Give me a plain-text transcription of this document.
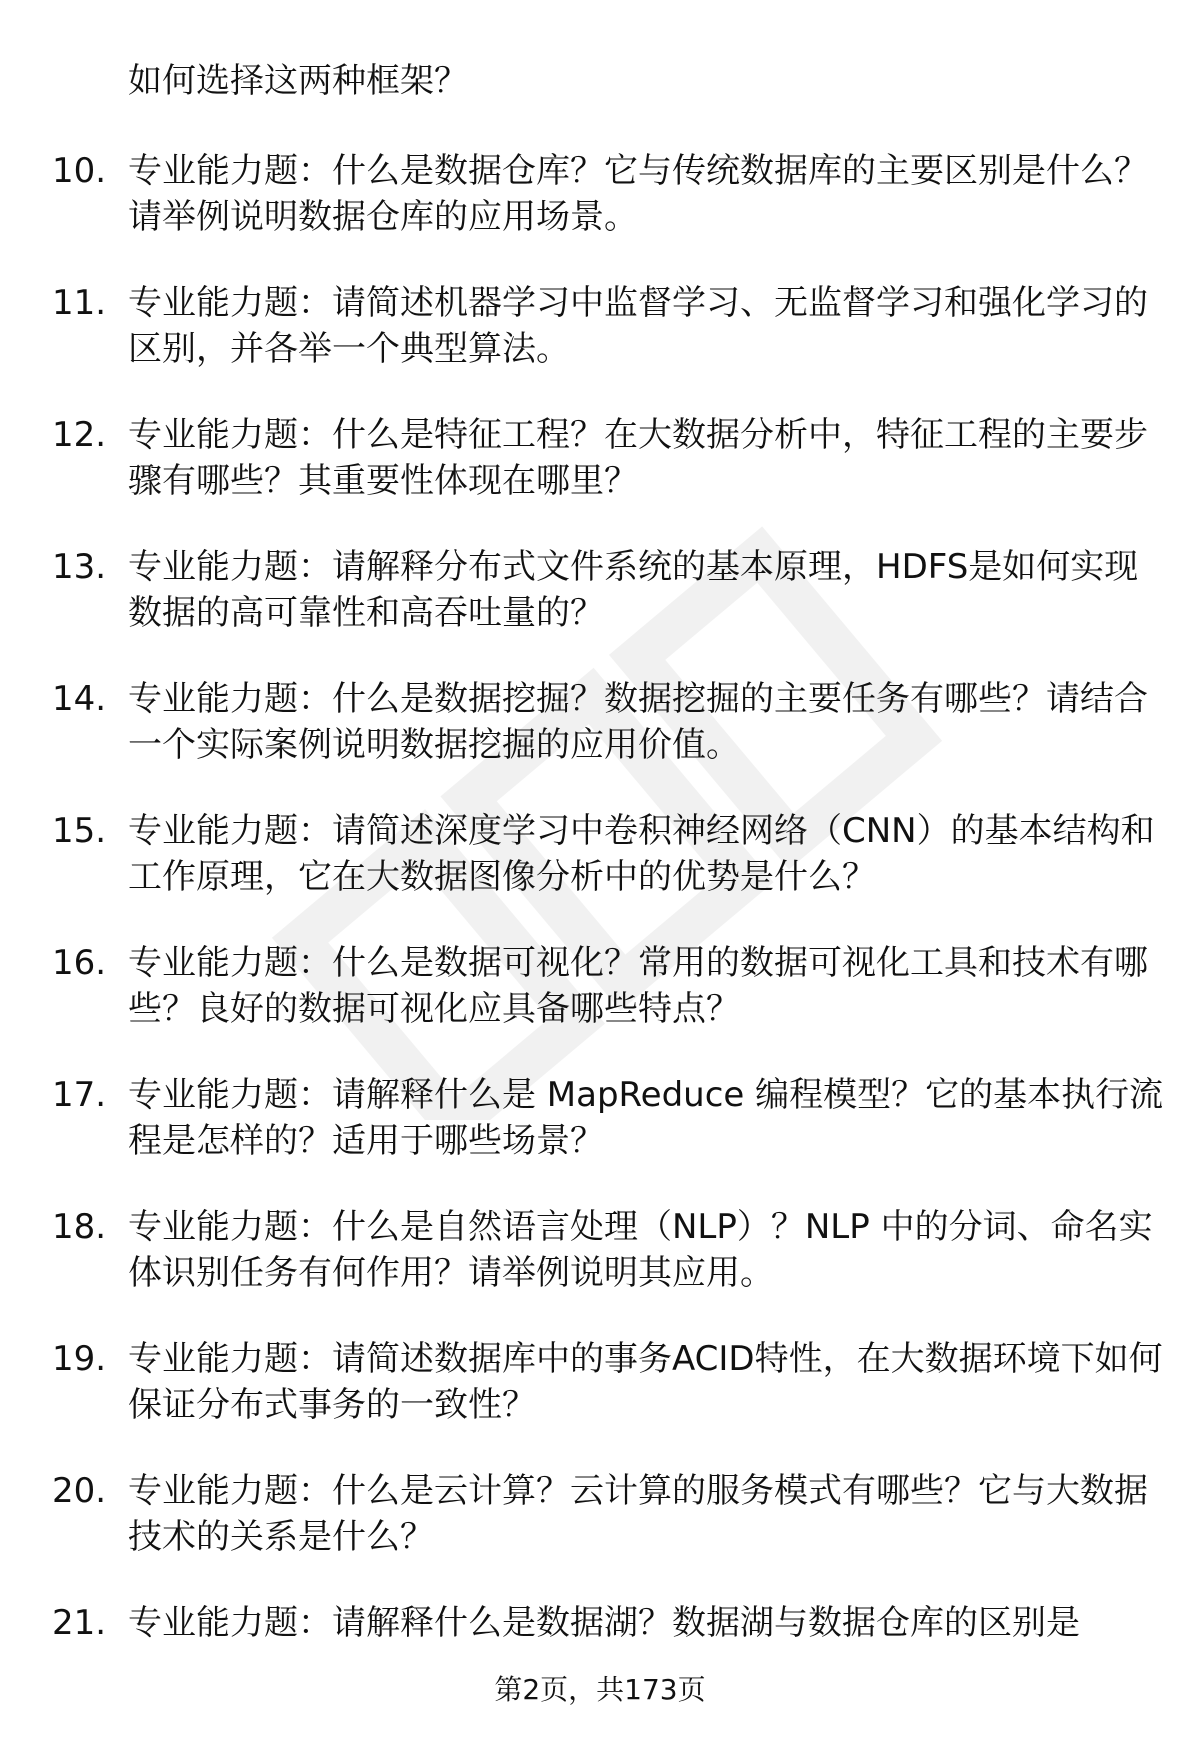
如何选择这两种框架？

10. 专业能力题：什么是数据仓库？它与传统数据库的主要区别是什么？请举例说明数据仓库的应用场景。

11. 专业能力题：请简述机器学习中监督学习、无监督学习和强化学习的区别，并各举一个典型算法。

12. 专业能力题：什么是特征工程？在大数据分析中，特征工程的主要步骤有哪些？其重要性体现在哪里？

13. 专业能力题：请解释分布式文件系统的基本原理，HDFS是如何实现数据的高可靠性和高吞吐量的？

14. 专业能力题：什么是数据挖掘？数据挖掘的主要任务有哪些？请结合一个实际案例说明数据挖掘的应用价值。

15. 专业能力题：请简述深度学习中卷积神经网络（CNN）的基本结构和工作原理，它在大数据图像分析中的优势是什么？

16. 专业能力题：什么是数据可视化？常用的数据可视化工具和技术有哪些？良好的数据可视化应具备哪些特点？

17. 专业能力题：请解释什么是 MapReduce 编程模型？它的基本执行流程是怎样的？适用于哪些场景？

18. 专业能力题：什么是自然语言处理（NLP）？NLP 中的分词、命名实体识别任务有何作用？请举例说明其应用。

19. 专业能力题：请简述数据库中的事务ACID特性，在大数据环境下如何保证分布式事务的一致性？

20. 专业能力题：什么是云计算？云计算的服务模式有哪些？它与大数据技术的关系是什么？

21. 专业能力题：请解释什么是数据湖？数据湖与数据仓库的区别是

第2页，共173页
